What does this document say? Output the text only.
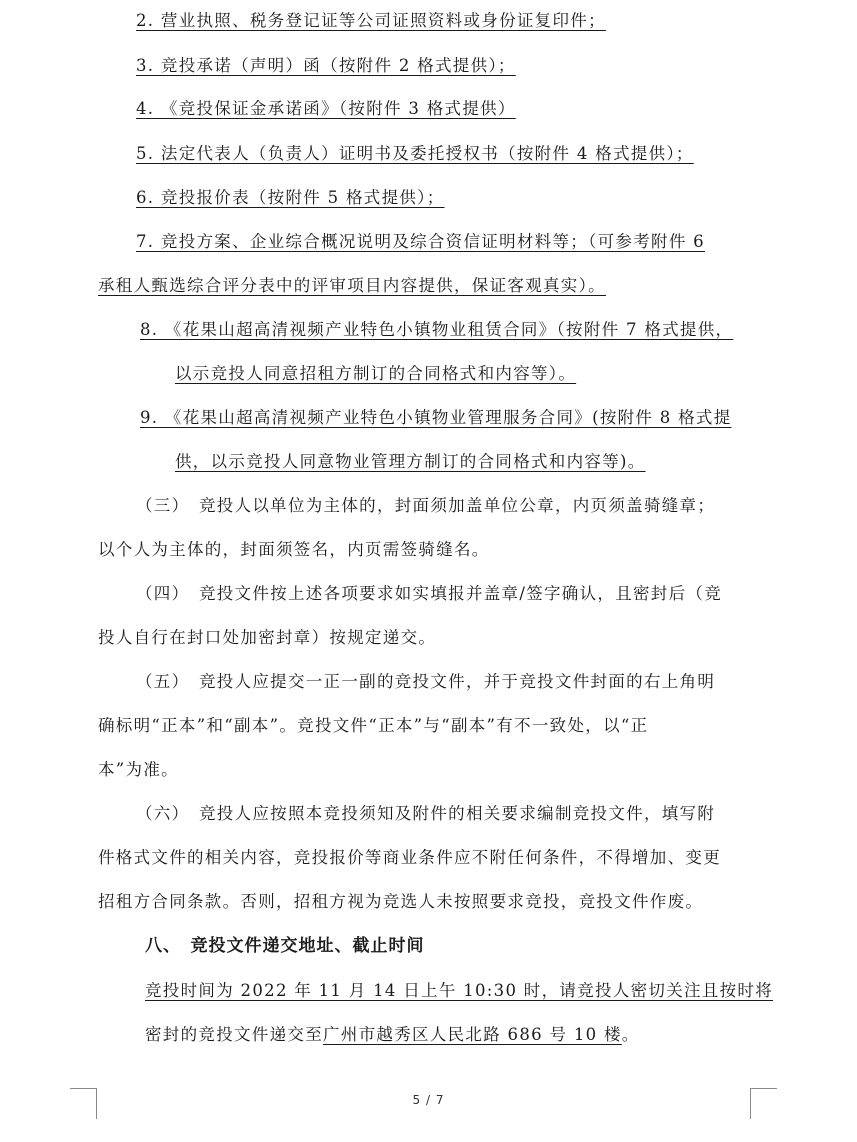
2. 营业执照、税务登记证等公司证照资料或身份证复印件；
3. 竞投承诺（声明）函（按附件 2 格式提供）；
4. 《竞投保证金承诺函》（按附件 3 格式提供）
5. 法定代表人（负责人）证明书及委托授权书（按附件 4 格式提供）；
6. 竞投报价表（按附件 5 格式提供）；
7. 竞投方案、企业综合概况说明及综合资信证明材料等；（可参考附件 6
承租人甄选综合评分表中的评审项目内容提供，保证客观真实）。
8. 《花果山超高清视频产业特色小镇物业租赁合同》（按附件 7 格式提供，
以示竞投人同意招租方制订的合同格式和内容等）。
9. 《花果山超高清视频产业特色小镇物业管理服务合同》(按附件 8 格式提
供，以示竞投人同意物业管理方制订的合同格式和内容等)。
（三）　竞投人以单位为主体的，封面须加盖单位公章，内页须盖骑缝章；
以个人为主体的，封面须签名，内页需签骑缝名。
（四）　竞投文件按上述各项要求如实填报并盖章/签字确认，且密封后（竞
投人自行在封口处加密封章）按规定递交。
（五）　竞投人应提交一正一副的竞投文件，并于竞投文件封面的右上角明
确标明“正本”和“副本”。竞投文件“正本”与“副本”有不一致处，以“正
本”为准。
（六）　竞投人应按照本竞投须知及附件的相关要求编制竞投文件，填写附
件格式文件的相关内容，竞投报价等商业条件应不附任何条件，不得增加、变更
招租方合同条款。否则，招租方视为竞选人未按照要求竞投，竞投文件作废。
八、　竞投文件递交地址、截止时间
竞投时间为 2022 年 11 月 14 日上午 10:30 时，请竞投人密切关注且按时将
密封的竞投文件递交至广州市越秀区人民北路 686 号 10 楼。
5 / 7
